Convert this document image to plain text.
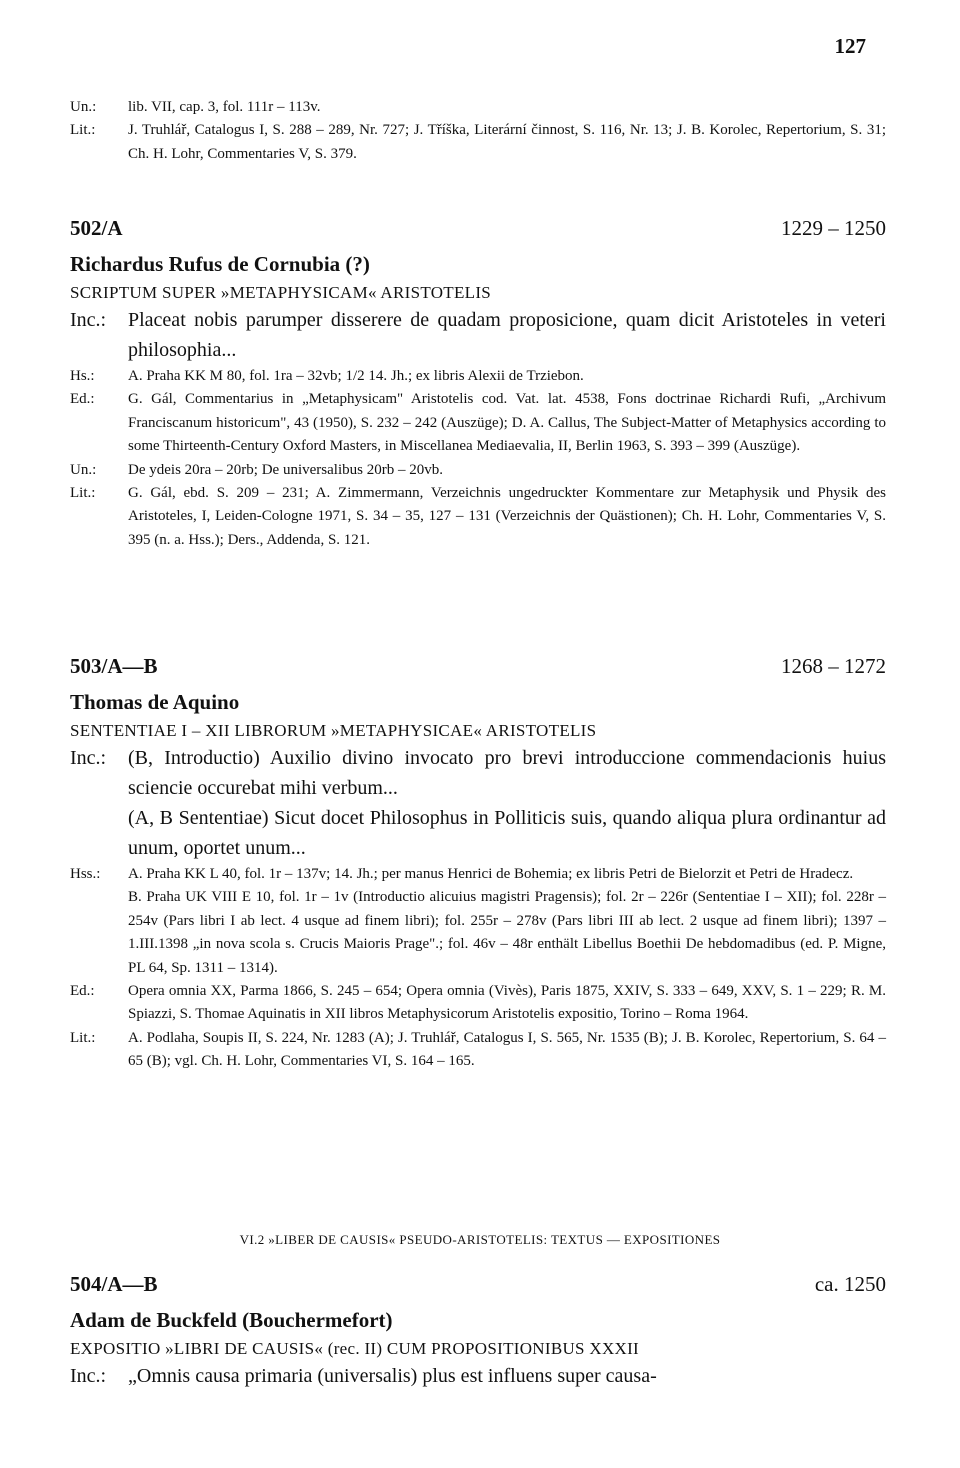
127
Un.: lib. VII, cap. 3, fol. 111r – 113v.
Lit.: J. Truhlář, Catalogus I, S. 288 – 289, Nr. 727; J. Tříška, Literární činnost, S. 116, Nr. 13; J. B. Korolec, Repertorium, S. 31; Ch. H. Lohr, Commentaries V, S. 379.
502/A	1229 – 1250
Richardus Rufus de Cornubia (?)
SCRIPTUM SUPER »METAPHYSICAM« ARISTOTELIS
Inc.: Placeat nobis parumper disserere de quadam proposicione, quam dicit Aristoteles in veteri philosophia...
Hs.: A. Praha KK M 80, fol. 1ra – 32vb; 1/2 14. Jh.; ex libris Alexii de Trziebon.
Ed.: G. Gál, Commentarius in „Metaphysicam" Aristotelis cod. Vat. lat. 4538, Fons doctrinae Richardi Rufi, „Archivum Franciscanum historicum", 43 (1950), S. 232 – 242 (Auszüge); D. A. Callus, The Subject-Matter of Metaphysics according to some Thirteenth-Century Oxford Masters, in Miscellanea Mediaevalia, II, Berlin 1963, S. 393 – 399 (Auszüge).
Un.: De ydeis 20ra – 20rb; De universalibus 20rb – 20vb.
Lit.: G. Gál, ebd. S. 209 – 231; A. Zimmermann, Verzeichnis ungedruckter Kommentare zur Metaphysik und Physik des Aristoteles, I, Leiden-Cologne 1971, S. 34 – 35, 127 – 131 (Verzeichnis der Quästionen); Ch. H. Lohr, Commentaries V, S. 395 (n. a. Hss.); Ders., Addenda, S. 121.
503/A—B	1268 – 1272
Thomas de Aquino
SENTENTIAE I – XII LIBRORUM »METAPHYSICAE« ARISTOTELIS
Inc.: (B, Introductio) Auxilio divino invocato pro brevi introduccione commendacionis huius sciencie occurebat mihi verbum...
(A, B Sententiae) Sicut docet Philosophus in Polliticis suis, quando aliqua plura ordinantur ad unum, oportet unum...
Hss.: A. Praha KK L 40, fol. 1r – 137v; 14. Jh.; per manus Henrici de Bohemia; ex libris Petri de Bielorzit et Petri de Hradecz.
B. Praha UK VIII E 10, fol. 1r – 1v (Introductio alicuius magistri Pragensis); fol. 2r – 226r (Sententiae I – XII); fol. 228r – 254v (Pars libri I ab lect. 4 usque ad finem libri); fol. 255r – 278v (Pars libri III ab lect. 2 usque ad finem libri); 1397 – 1.III.1398 „in nova scola s. Crucis Maioris Prage".; fol. 46v – 48r enthält Libellus Boethii De hebdomadibus (ed. P. Migne, PL 64, Sp. 1311 – 1314).
Ed.: Opera omnia XX, Parma 1866, S. 245 – 654; Opera omnia (Vivès), Paris 1875, XXIV, S. 333 – 649, XXV, S. 1 – 229; R. M. Spiazzi, S. Thomae Aquinatis in XII libros Metaphysicorum Aristotelis expositio, Torino – Roma 1964.
Lit.: A. Podlaha, Soupis II, S. 224, Nr. 1283 (A); J. Truhlář, Catalogus I, S. 565, Nr. 1535 (B); J. B. Korolec, Repertorium, S. 64 – 65 (B); vgl. Ch. H. Lohr, Commentaries VI, S. 164 – 165.
VI.2 »LIBER DE CAUSIS« PSEUDO-ARISTOTELIS: TEXTUS — EXPOSITIONES
504/A—B	ca. 1250
Adam de Buckfeld (Bouchermefort)
EXPOSITIO »LIBRI DE CAUSIS« (rec. II) CUM PROPOSITIONIBUS XXXII
Inc.: „Omnis causa primaria (universalis) plus est influens super causa-
